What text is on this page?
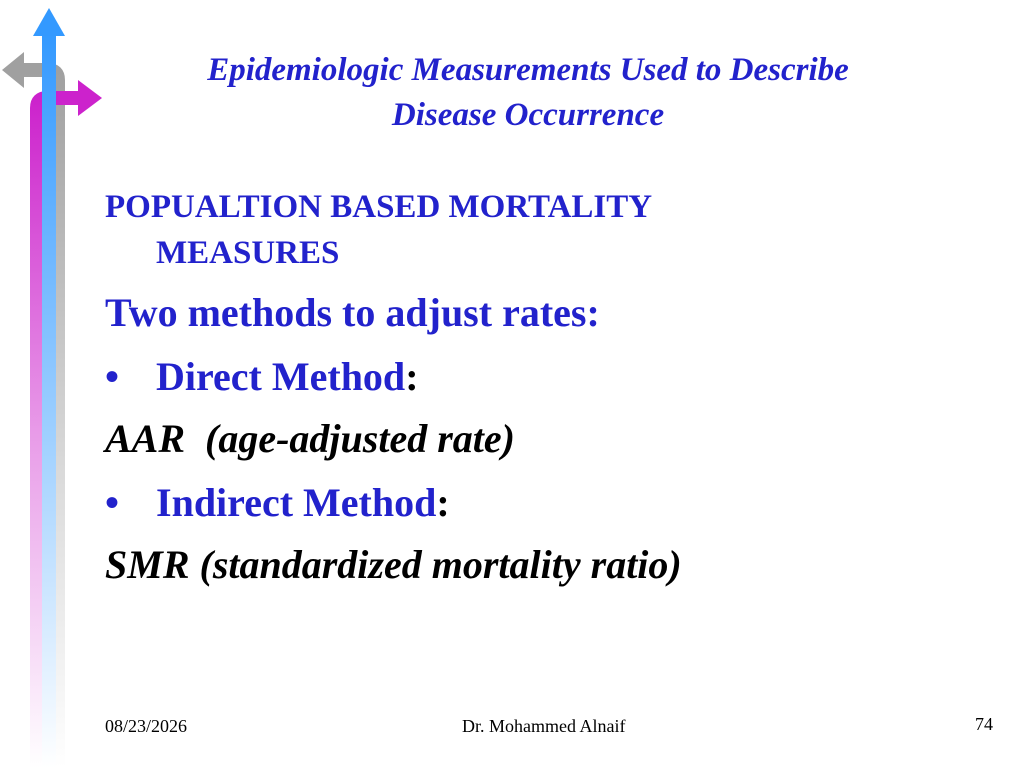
Epidemiologic Measurements Used to Describe
Disease Occurrence
POPUALTION BASED MORTALITY
MEASURES
Two methods to adjust rates:
• Direct Method:
AAR  (age-adjusted rate)
• Indirect Method:
SMR (standardized mortality ratio)
08/23/2026	Dr. Mohammed Alnaif	74
